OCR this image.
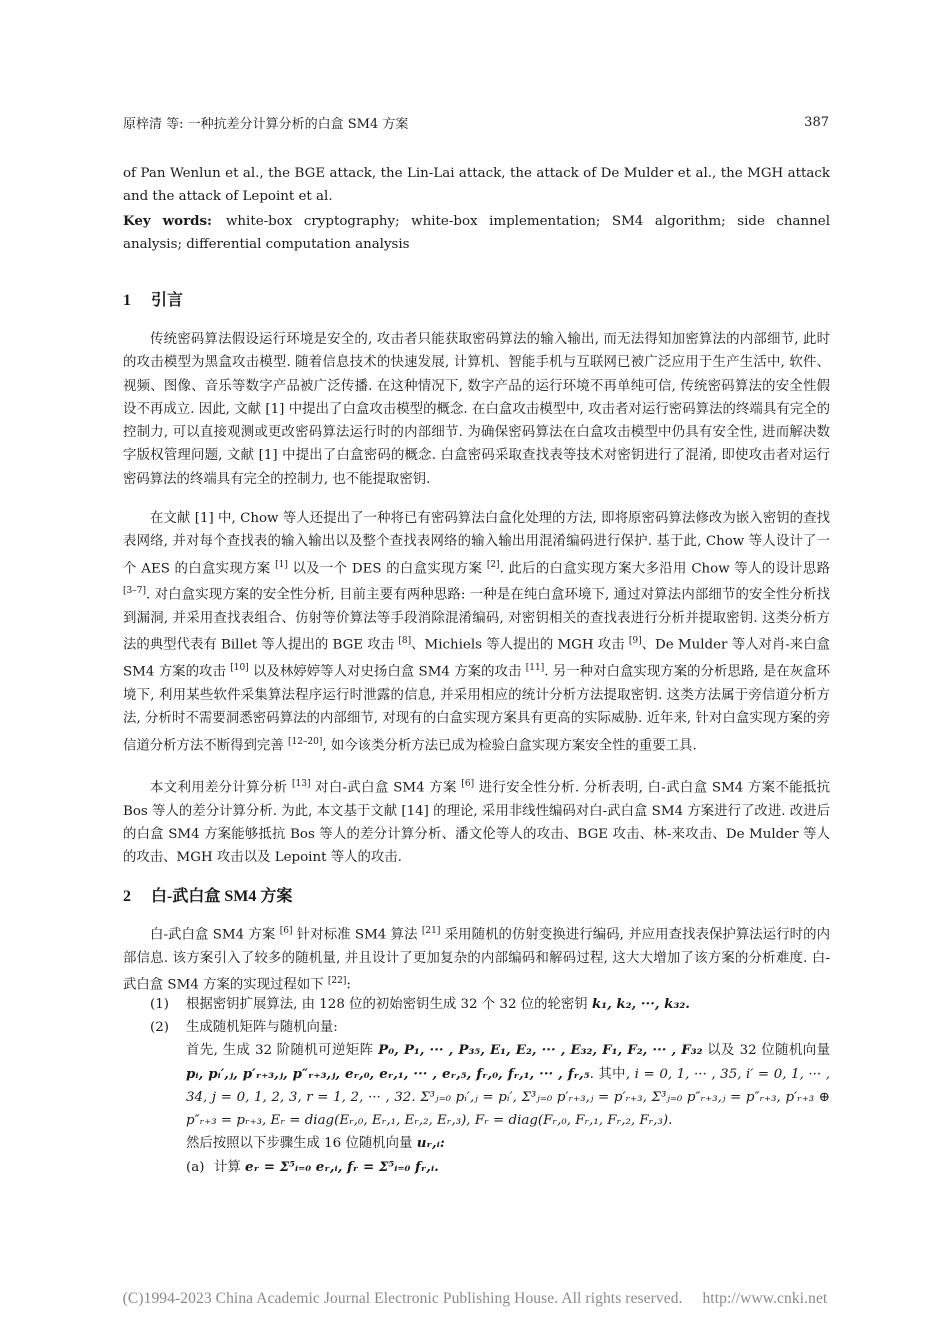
原梓清 等: 一种抗差分计算分析的白盒 SM4 方案	387
of Pan Wenlun et al., the BGE attack, the Lin-Lai attack, the attack of De Mulder et al., the MGH attack and the attack of Lepoint et al.
Key words: white-box cryptography; white-box implementation; SM4 algorithm; side channel analysis; differential computation analysis
1 引言
传统密码算法假设运行环境是安全的, 攻击者只能获取密码算法的输入输出, 而无法得知加密算法的内部细节, 此时的攻击模型为黑盒攻击模型. 随着信息技术的快速发展, 计算机、智能手机与互联网已被广泛应用于生产生活中, 软件、视频、图像、音乐等数字产品被广泛传播. 在这种情况下, 数字产品的运行环境不再单纯可信, 传统密码算法的安全性假设不再成立. 因此, 文献 [1] 中提出了白盒攻击模型的概念. 在白盒攻击模型中, 攻击者对运行密码算法的终端具有完全的控制力, 可以直接观测或更改密码算法运行时的内部细节. 为确保密码算法在白盒攻击模型中仍具有安全性, 进而解决数字版权管理问题, 文献 [1] 中提出了白盒密码的概念. 白盒密码采取查找表等技术对密钥进行了混淆, 即使攻击者对运行密码算法的终端具有完全的控制力, 也不能提取密钥.
在文献 [1] 中, Chow 等人还提出了一种将已有密码算法白盒化处理的方法, 即将原密码算法修改为嵌入密钥的查找表网络, 并对每个查找表的输入输出以及整个查找表网络的输入输出用混淆编码进行保护. 基于此, Chow 等人设计了一个 AES 的白盒实现方案 [1] 以及一个 DES 的白盒实现方案 [2]. 此后的白盒实现方案大多沿用 Chow 等人的设计思路 [3–7]. 对白盒实现方案的安全性分析, 目前主要有两种思路: 一种是在纯白盒环境下, 通过对算法内部细节的安全性分析找到漏洞, 并采用查找表组合、仿射等价算法等手段消除混淆编码, 对密钥相关的查找表进行分析并提取密钥. 这类分析方法的典型代表有 Billet 等人提出的 BGE 攻击 [8]、Michiels 等人提出的 MGH 攻击 [9]、De Mulder 等人对肖-来白盒 SM4 方案的攻击 [10] 以及林婷婷等人对史扬白盒 SM4 方案的攻击 [11]. 另一种对白盒实现方案的分析思路, 是在灰盒环境下, 利用某些软件采集算法程序运行时泄露的信息, 并采用相应的统计分析方法提取密钥. 这类方法属于旁信道分析方法, 分析时不需要洞悉密码算法的内部细节, 对现有的白盒实现方案具有更高的实际威胁. 近年来, 针对白盒实现方案的旁信道分析方法不断得到完善 [12–20], 如今该类分析方法已成为检验白盒实现方案安全性的重要工具.
本文利用差分计算分析 [13] 对白-武白盒 SM4 方案 [6] 进行安全性分析. 分析表明, 白-武白盒 SM4 方案不能抵抗 Bos 等人的差分计算分析. 为此, 本文基于文献 [14] 的理论, 采用非线性编码对白-武白盒 SM4 方案进行了改进. 改进后的白盒 SM4 方案能够抵抗 Bos 等人的差分计算分析、潘文伦等人的攻击、BGE 攻击、林-来攻击、De Mulder 等人的攻击、MGH 攻击以及 Lepoint 等人的攻击.
2 白-武白盒 SM4 方案
白-武白盒 SM4 方案 [6] 针对标准 SM4 算法 [21] 采用随机的仿射变换进行编码, 并应用查找表保护算法运行时的内部信息. 该方案引入了较多的随机量, 并且设计了更加复杂的内部编码和解码过程, 这大大增加了该方案的分析难度. 白-武白盒 SM4 方案的实现过程如下 [22]:
(1) 根据密钥扩展算法, 由 128 位的初始密钥生成 32 个 32 位的轮密钥 k₁, k₂, ···, k₃₂.
(2) 生成随机矩阵与随机向量:
首先, 生成 32 阶随机可逆矩阵 P₀, P₁, ··· , P₃₅, E₁, E₂, ··· , E₃₂, F₁, F₂, ··· , F₃₂ 以及 32 位随机向量 pᵢ, pᵢ′,ⱼ, p′ᵣ₊₃,ⱼ, p″ᵣ₊₃,ⱼ, eᵣ,₀, eᵣ,₁, ··· , eᵣ,₅, fᵣ,₀, fᵣ,₁, ··· , fᵣ,₅. 其中, i = 0, 1, ··· , 35, i′ = 0, 1, ··· , 34, j = 0, 1, 2, 3, r = 1, 2, ··· , 32. Σ³ⱼ₌₀ pᵢ′,ⱼ = pᵢ′, Σ³ⱼ₌₀ p′ᵣ₊₃,ⱼ = p′ᵣ₊₃, Σ³ⱼ₌₀ p″ᵣ₊₃,ⱼ = p″ᵣ₊₃, p′ᵣ₊₃ ⊕ p″ᵣ₊₃ = pᵣ₊₃, Eᵣ = diag(Eᵣ,₀, Eᵣ,₁, Eᵣ,₂, Eᵣ,₃), Fᵣ = diag(Fᵣ,₀, Fᵣ,₁, Fᵣ,₂, Fᵣ,₃).
然后按照以下步骤生成 16 位随机向量 uᵣ,ᵢ:
(a) 计算 eᵣ = Σ⁵ᵢ₌₀ eᵣ,ᵢ, fᵣ = Σ⁵ᵢ₌₀ fᵣ,ᵢ.
(C)1994-2023 China Academic Journal Electronic Publishing House. All rights reserved. http://www.cnki.net
